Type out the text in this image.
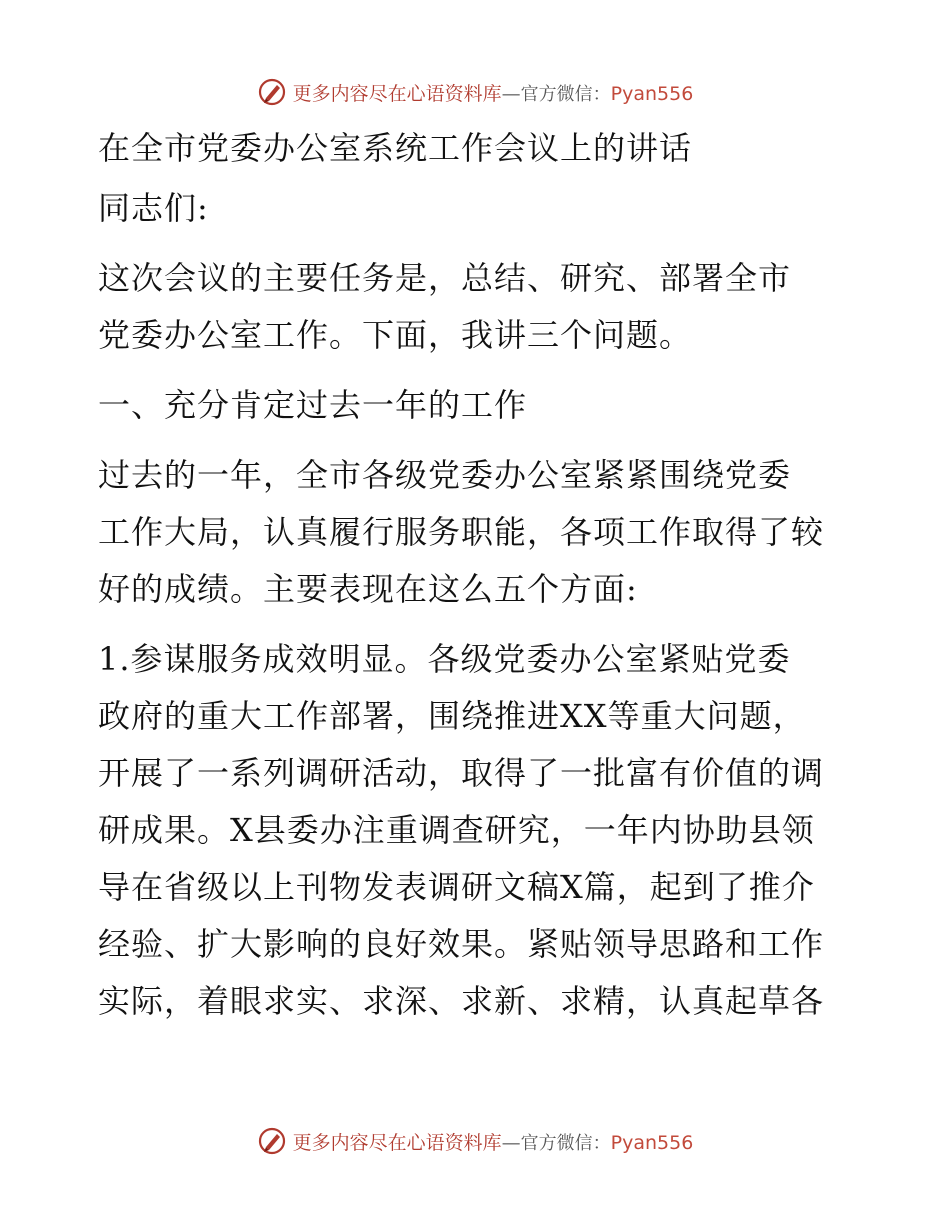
更多内容尽在心语资料库—官方微信：Pyan556

在全市党委办公室系统工作会议上的讲话

同志们:

这次会议的主要任务是，总结、研究、部署全市

党委办公室工作。下面，我讲三个问题。

一、充分肯定过去一年的工作

过去的一年，全市各级党委办公室紧紧围绕党委

工作大局，认真履行服务职能，各项工作取得了较

好的成绩。主要表现在这么五个方面:

1.参谋服务成效明显。各级党委办公室紧贴党委

政府的重大工作部署，围绕推进XX等重大问题，

开展了一系列调研活动，取得了一批富有价值的调

研成果。X县委办注重调查研究，一年内协助县领

导在省级以上刊物发表调研文稿X篇，起到了推介

经验、扩大影响的良好效果。紧贴领导思路和工作

实际，着眼求实、求深、求新、求精，认真起草各

更多内容尽在心语资料库—官方微信：Pyan556
